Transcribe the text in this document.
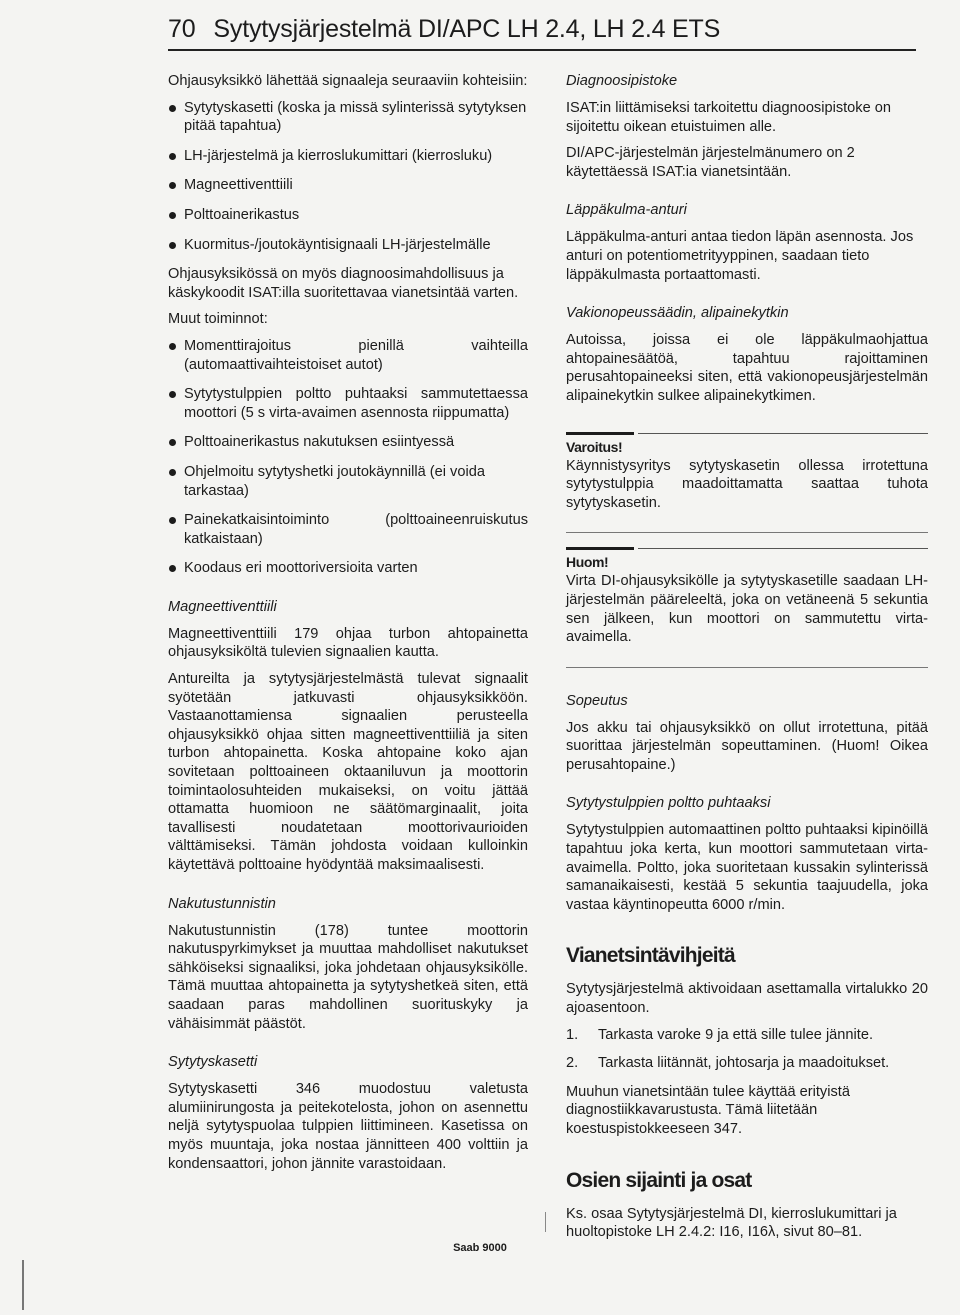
70 Sytytysjärjestelmä DI/APC LH 2.4, LH 2.4 ETS

Ohjausyksikkö lähettää signaaleja seuraaviin kohteisiin:

Sytytyskasetti (koska ja missä sylinterissä sytytyksen pitää tapahtua)
LH-järjestelmä ja kierroslukumittari (kierrosluku)
Magneettiventtiili
Polttoainerikastus
Kuormitus-/joutokäyntisignaali LH-järjestelmälle

Ohjausyksikössä on myös diagnoosimahdollisuus ja käskykoodit ISAT:illa suoritettavaa vianetsintää varten.

Muut toiminnot:

Momenttirajoitus pienillä vaihteilla (automaattivaihteistoiset autot)
Sytytystulppien poltto puhtaaksi sammutettaessa moottori (5 s virta-avaimen asennosta riippumatta)
Polttoainerikastus nakutuksen esiintyessä
Ohjelmoitu sytytyshetki joutokäynnillä (ei voida tarkastaa)
Painekatkaisintoiminto (polttoaineenruiskutus katkaistaan)
Koodaus eri moottoriversioita varten
Magneettiventtiili

Magneettiventtiili 179 ohjaa turbon ahtopainetta ohjausyksiköltä tulevien signaalien kautta.

Antureilta ja sytytysjärjestelmästä tulevat signaalit syötetään jatkuvasti ohjausyksikköön. Vastaanottamiensa signaalien perusteella ohjausyksikkö ohjaa sitten magneettiventtiiliä ja siten turbon ahtopainetta. Koska ahtopaine koko ajan sovitetaan polttoaineen oktaaniluvun ja moottorin toimintaolosuhteiden mukaiseksi, on voitu jättää ottamatta huomioon ne säätömarginaalit, joita tavallisesti noudatetaan moottorivaurioiden välttämiseksi. Tämän johdosta voidaan kulloinkin käytettävä polttoaine hyödyntää maksimaalisesti.

Nakutustunnistin

Nakutustunnistin (178) tuntee moottorin nakutuspyrkimykset ja muuttaa mahdolliset nakutukset sähköiseksi signaaliksi, joka johdetaan ohjausyksikölle. Tämä muuttaa ahtopainetta ja sytytyshetkeä siten, että saadaan paras mahdollinen suorituskyky ja vähäisimmät päästöt.

Sytytyskasetti

Sytytyskasetti 346 muodostuu valetusta alumiinirungosta ja peitekotelosta, johon on asennettu neljä sytytyspuolaa tulppien liittimineen. Kasetissa on myös muuntaja, joka nostaa jännitteen 400 volttiin ja kondensaattori, johon jännite varastoidaan.

Diagnoosipistoke

ISAT:in liittämiseksi tarkoitettu diagnoosipistoke on sijoitettu oikean etuistuimen alle.

DI/APC-järjestelmän järjestelmänumero on 2 käytettäessä ISAT:ia vianetsintään.

Läppäkulma-anturi

Läppäkulma-anturi antaa tiedon läpän asennosta. Jos anturi on potentiometrityyppinen, saadaan tieto läppäkulmasta portaattomasti.

Vakionopeussäädin, alipainekytkin

Autoissa, joissa ei ole läppäkulmaohjattua ahtopainesäätöä, tapahtuu rajoittaminen perusahtopaineeksi siten, että vakionopeusjärjestelmän alipainekytkin sulkee alipainekytkimen.

Varoitus!

Käynnistysyritys sytytyskasetin ollessa irrotettuna sytytystulppia maadoittamatta saattaa tuhota sytytyskasetin.

Huom!

Virta DI-ohjausyksikölle ja sytytyskasetille saadaan LH-järjestelmän pääreleeltä, joka on vetäneenä 5 sekuntia sen jälkeen, kun moottori on sammutettu virta-avaimella.

Sopeutus

Jos akku tai ohjausyksikkö on ollut irrotettuna, pitää suorittaa järjestelmän sopeuttaminen. (Huom! Oikea perusahtopaine.)

Sytytystulppien poltto puhtaaksi

Sytytystulppien automaattinen poltto puhtaaksi kipinöillä tapahtuu joka kerta, kun moottori sammutetaan virta-avaimella. Poltto, joka suoritetaan kussakin sylinterissä samanaikaisesti, kestää 5 sekuntia taajuudella, joka vastaa käyntinopeutta 6000 r/min.

Vianetsintävihjeitä

Sytytysjärjestelmä aktivoidaan asettamalla virtalukko 20 ajoasentoon.

1.	Tarkasta varoke 9 ja että sille tulee jännite.
2.	Tarkasta liitännät, johtosarja ja maadoitukset.

Muuhun vianetsintään tulee käyttää erityistä diagnostiikkavarustusta. Tämä liitetään koestuspistokkeeseen 347.

Osien sijainti ja osat

Ks. osaa Sytytysjärjestelmä DI, kierroslukumittari ja huoltopistoke LH 2.4.2: I16, I16λ, sivut 80–81.

Saab 9000
